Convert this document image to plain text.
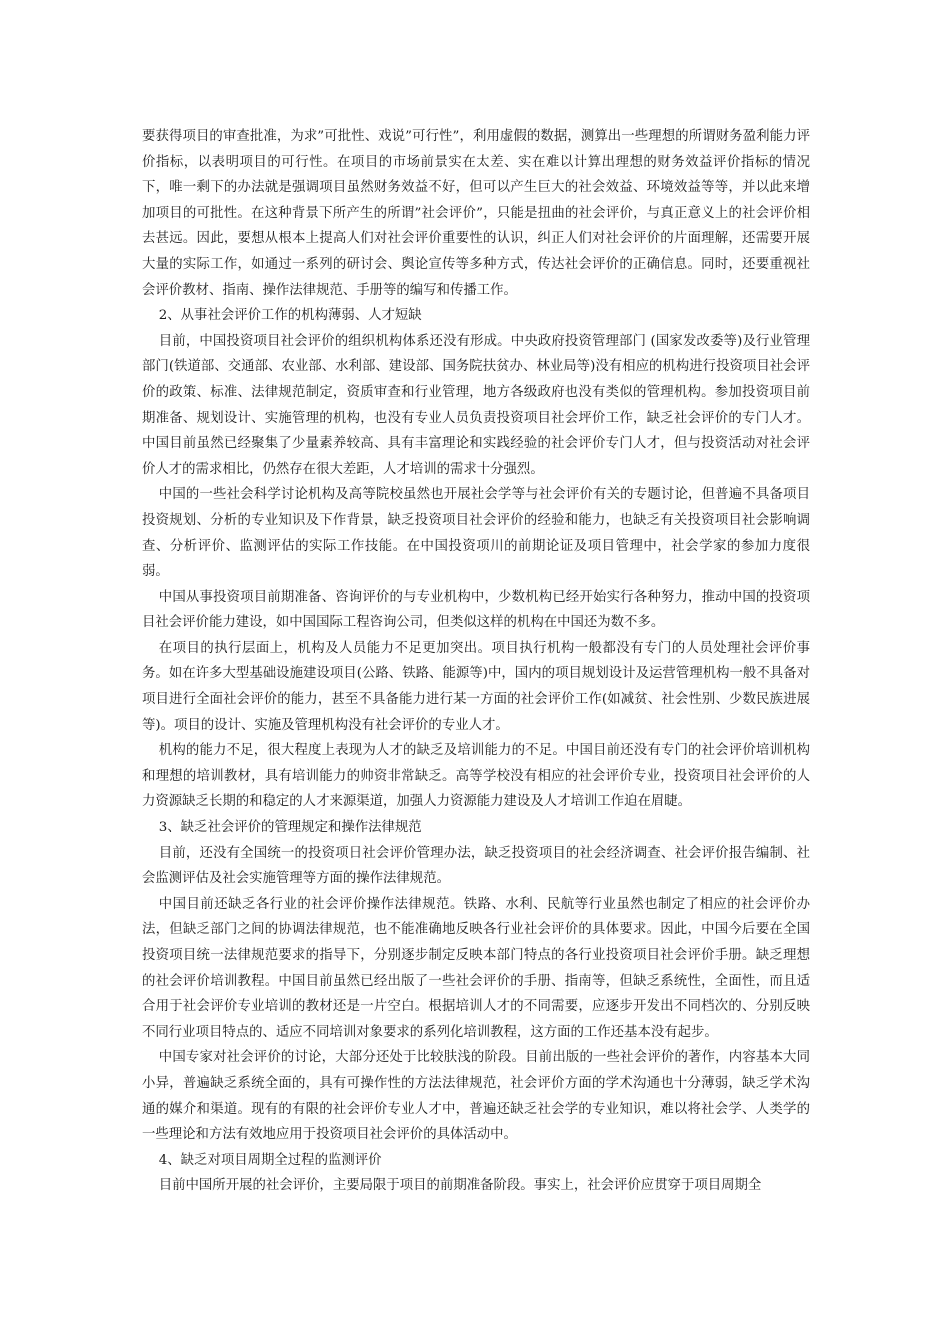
要获得项目的审查批准，为求”可批性、戏说”可行性”，利用虚假的数据，测算出一些理想的所谓财务盈利能力评价指标，以表明项目的可行性。在项目的市场前景实在太差、实在难以计算出理想的财务效益评价指标的情况下，唯一剩下的办法就是强调项目虽然财务效益不好，但可以产生巨大的社会效益、环境效益等等，并以此来增加项目的可批性。在这种背景下所产生的所谓”社会评价”，只能是扭曲的社会评价，与真正意义上的社会评价相去甚远。因此，要想从根本上提高人们对社会评价重要性的认识，纠正人们对社会评价的片面理解，还需要开展大量的实际工作，如通过一系列的研讨会、舆论宣传等多种方式，传达社会评价的正确信息。同时，还要重视社会评价教材、指南、操作法律规范、手册等的编写和传播工作。

2、从事社会评价工作的机构薄弱、人才短缺

目前，中国投资项目社会评价的组织机构体系还没有形成。中央政府投资管理部门 (国家发改委等)及行业管理部门(铁道部、交通部、农业部、水利部、建设部、国务院扶贫办、林业局等)没有相应的机构进行投资项目社会评价的政策、标准、法律规范制定，资质审查和行业管理，地方各级政府也没有类似的管理机构。参加投资项目前期准备、规划设计、实施管理的机构，也没有专业人员负责投资项目社会坪价工作，缺乏社会评价的专门人才。中国目前虽然已经聚集了少量素养较高、具有丰富理论和实践经验的社会评价专门人才，但与投资活动对社会评价人才的需求相比，仍然存在很大差距，人才培训的需求十分强烈。

中国的一些社会科学讨论机构及高等院校虽然也开展社会学等与社会评价有关的专题讨论，但普遍不具备项目投资规划、分析的专业知识及下作背景，缺乏投资项目社会评价的经验和能力，也缺乏有关投资项目社会影响调查、分析评价、监测评估的实际工作技能。在中国投资项川的前期论证及项目管理中，社会学家的参加力度很弱。

中国从事投资项目前期准备、咨询评价的与专业机构中，少数机构已经开始实行各种努力，推动中国的投资项目社会评价能力建设，如中国国际工程咨询公司，但类似这样的机构在中国还为数不多。

在项目的执行层面上，机构及人员能力不足更加突出。项目执行机构一般都没有专门的人员处理社会评价事务。如在许多大型基础设施建设项目(公路、铁路、能源等)中，国内的项目规划设计及运营管理机构一般不具备对项目进行全面社会评价的能力，甚至不具备能力进行某一方面的社会评价工作(如减贫、社会性别、少数民族进展等)。项目的设计、实施及管理机构没有社会评价的专业人才。

机构的能力不足，很大程度上表现为人才的缺乏及培训能力的不足。中国目前还没有专门的社会评价培训机构和理想的培训教材，具有培训能力的帅资非常缺乏。高等学校没有相应的社会评价专业，投资项目社会评价的人力资源缺乏长期的和稳定的人才来源渠道，加强人力资源能力建设及人才培训工作迫在眉睫。

3、缺乏社会评价的管理规定和操作法律规范

目前，还没有全国统一的投资项日社会评价管理办法，缺乏投资项目的社会经济调查、社会评价报告编制、社会监测评估及社会实施管理等方面的操作法律规范。

中国目前还缺乏各行业的社会评价操作法律规范。铁路、水利、民航等行业虽然也制定了相应的社会评价办法，但缺乏部门之间的协调法律规范，也不能准确地反映各行业社会评价的具体要求。因此，中国今后要在全国投资项目统一法律规范要求的指导下，分别逐步制定反映本部门特点的各行业投资项目社会评价手册。缺乏理想的社会评价培训教程。中国目前虽然已经出版了一些社会评价的手册、指南等，但缺乏系统性，全面性，而且适合用于社会评价专业培训的教材还是一片空白。根据培训人才的不同需要，应逐步开发出不同档次的、分别反映不同行业项目特点的、适应不同培训对象要求的系列化培训教程，这方面的工作还基本没有起步。

中国专家对社会评价的讨论，大部分还处于比较肤浅的阶段。目前出版的一些社会评价的著作，内容基本大同小异，普遍缺乏系统全面的，具有可操作性的方法法律规范，社会评价方面的学术沟通也十分薄弱，缺乏学术沟通的媒介和渠道。现有的有限的社会评价专业人才中，普遍还缺乏社会学的专业知识，难以将社会学、人类学的一些理论和方法有效地应用于投资项目社会评价的具体活动中。

4、缺乏对项目周期全过程的监测评价

目前中国所开展的社会评价，主要局限于项目的前期准备阶段。事实上，社会评价应贯穿于项目周期全
